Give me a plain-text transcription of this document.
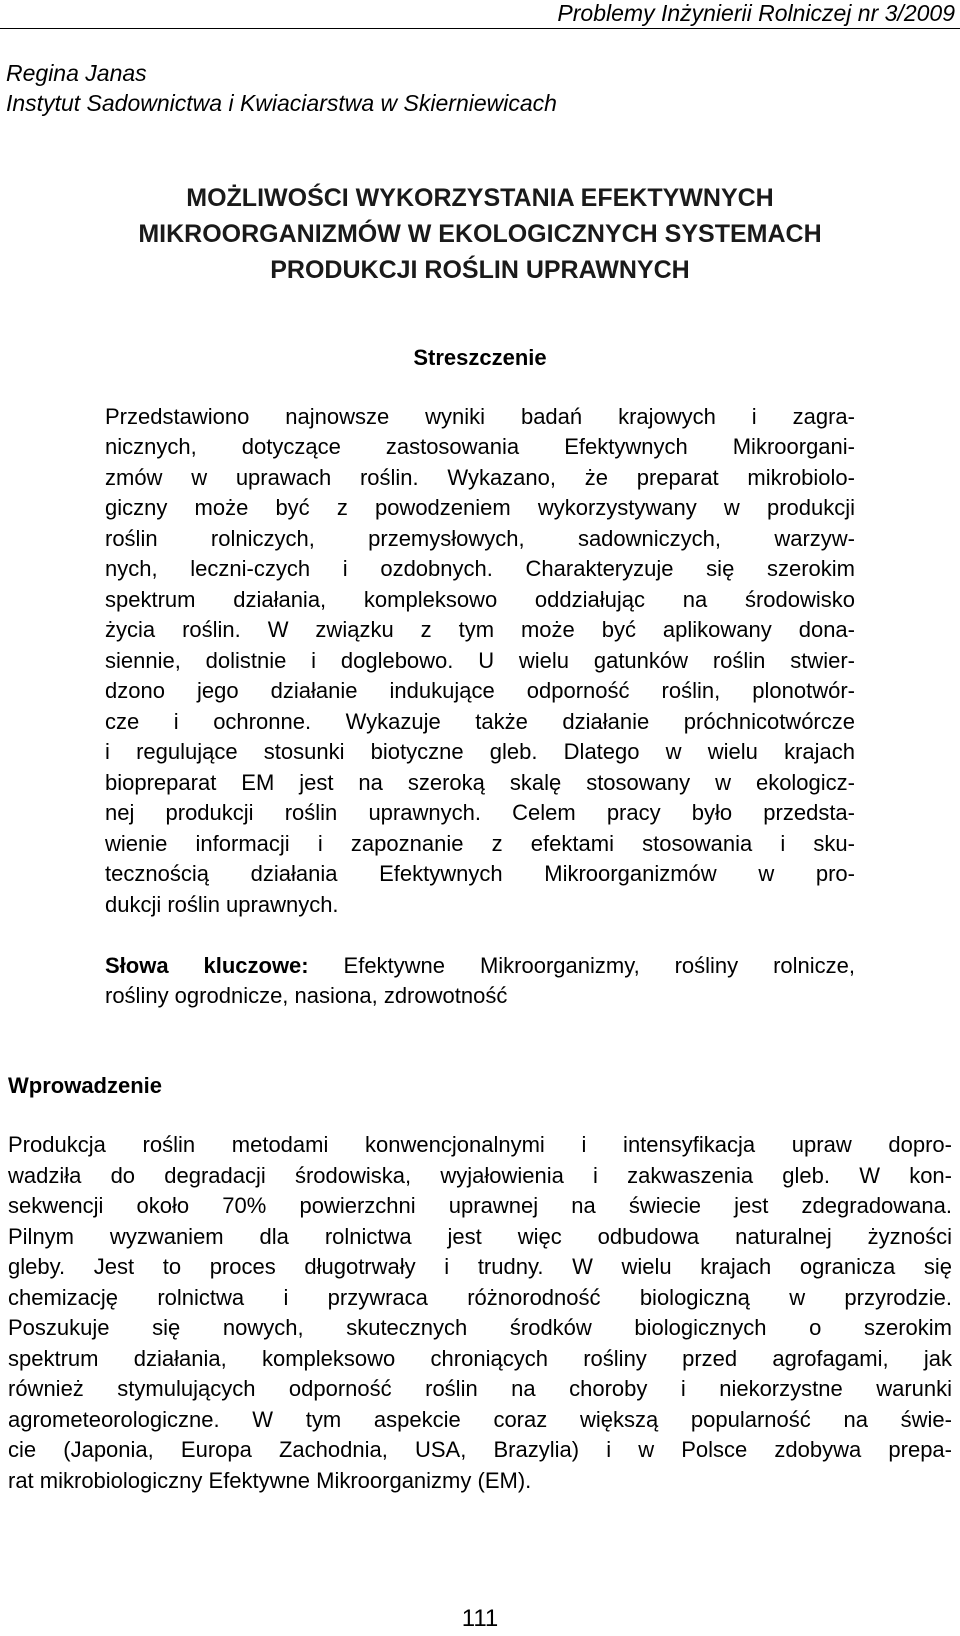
Problemy Inżynierii Rolniczej nr 3/2009
Regina Janas
Instytut Sadownictwa i Kwiaciarstwa w Skierniewicach
MOŻLIWOŚCI WYKORZYSTANIA EFEKTYWNYCH
MIKROORGANIZMÓW W EKOLOGICZNYCH SYSTEMACH
PRODUKCJI ROŚLIN UPRAWNYCH
Streszczenie
Przedstawiono najnowsze wyniki badań krajowych i zagra-
nicznych, dotyczące zastosowania Efektywnych Mikroorgani-
zmów w uprawach roślin. Wykazano, że preparat mikrobiolo-
giczny może być z powodzeniem wykorzystywany w produkcji
roślin rolniczych, przemysłowych, sadowniczych, warzyw-
nych, leczni-czych i ozdobnych. Charakteryzuje się szerokim
spektrum działania, kompleksowo oddziałując na środowisko
życia roślin. W związku z tym może być aplikowany dona-
siennie, dolistnie i doglebowo. U wielu gatunków roślin stwier-
dzono jego działanie indukujące odporność roślin, plonotwór-
cze i ochronne. Wykazuje także działanie próchnicotwórcze
i regulujące stosunki biotyczne gleb. Dlatego w wielu krajach
biopreparat EM jest na szeroką skalę stosowany w ekologicz-
nej produkcji roślin uprawnych. Celem pracy było przedsta-
wienie informacji i zapoznanie z efektami stosowania i sku-
tecznością działania Efektywnych Mikroorganizmów w pro-
dukcji roślin uprawnych.
Słowa kluczowe: Efektywne Mikroorganizmy, rośliny rolnicze,
rośliny ogrodnicze, nasiona, zdrowotność
Wprowadzenie
Produkcja roślin metodami konwencjonalnymi i intensyfikacja upraw dopro-
wadziła do degradacji środowiska, wyjałowienia i zakwaszenia gleb. W kon-
sekwencji około 70% powierzchni uprawnej na świecie jest zdegradowana.
Pilnym wyzwaniem dla rolnictwa jest więc odbudowa naturalnej żyzności
gleby. Jest to proces długotrwały i trudny. W wielu krajach ogranicza się
chemizację rolnictwa i przywraca różnorodność biologiczną w przyrodzie.
Poszukuje się nowych, skutecznych środków biologicznych o szerokim
spektrum działania, kompleksowo chroniących rośliny przed agrofagami, jak
również stymulujących odporność roślin na choroby i niekorzystne warunki
agrometeorologiczne. W tym aspekcie coraz większą popularność na świe-
cie (Japonia, Europa Zachodnia, USA, Brazylia) i w Polsce zdobywa prepa-
rat mikrobiologiczny Efektywne Mikroorganizmy (EM).
111
